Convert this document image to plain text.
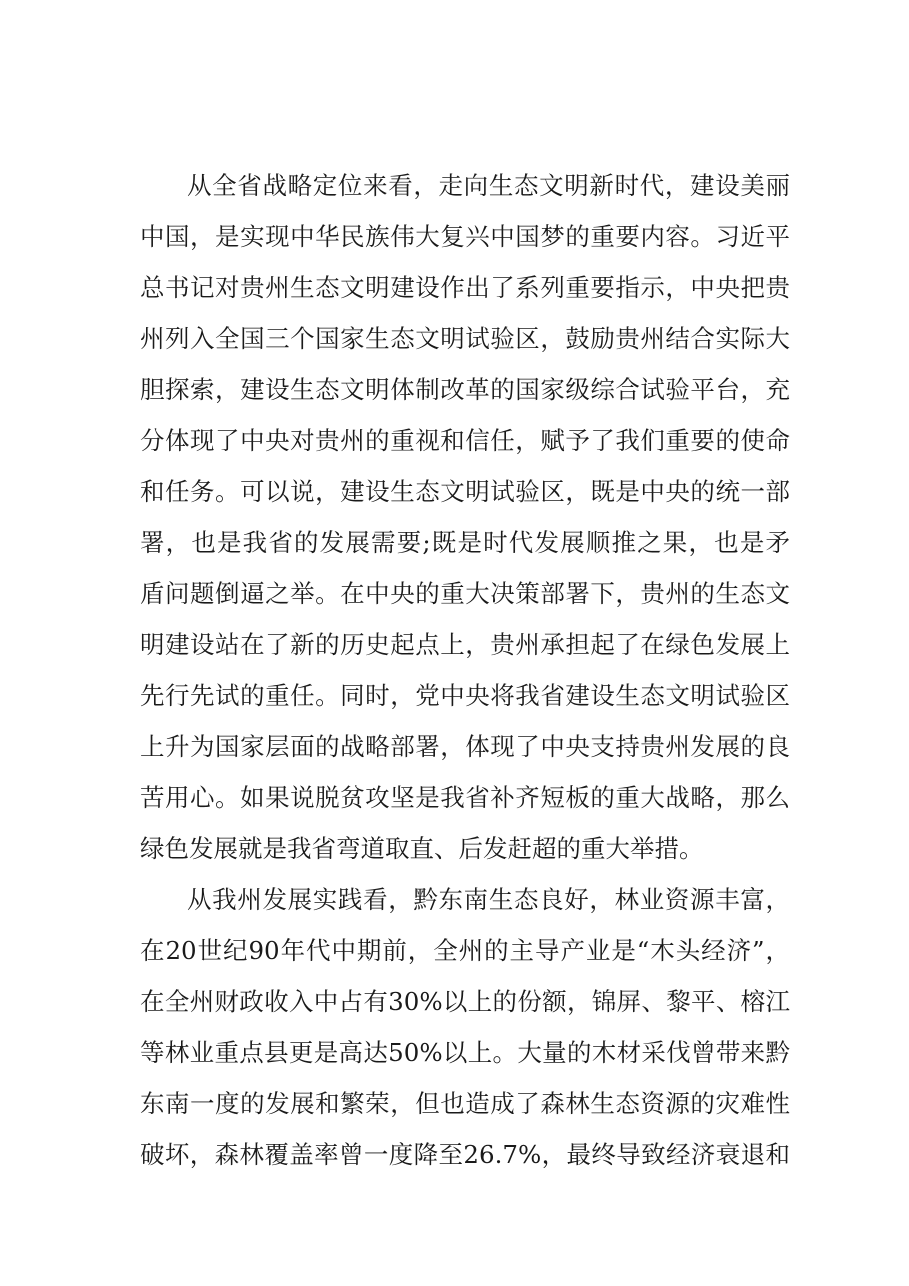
从全省战略定位来看，走向生态文明新时代，建设美丽
中国，是实现中华民族伟大复兴中国梦的重要内容。习近平
总书记对贵州生态文明建设作出了系列重要指示，中央把贵
州列入全国三个国家生态文明试验区，鼓励贵州结合实际大
胆探索，建设生态文明体制改革的国家级综合试验平台，充
分体现了中央对贵州的重视和信任，赋予了我们重要的使命
和任务。可以说，建设生态文明试验区，既是中央的统一部
署，也是我省的发展需要;既是时代发展顺推之果，也是矛
盾问题倒逼之举。在中央的重大决策部署下，贵州的生态文
明建设站在了新的历史起点上，贵州承担起了在绿色发展上
先行先试的重任。同时，党中央将我省建设生态文明试验区
上升为国家层面的战略部署，体现了中央支持贵州发展的良
苦用心。如果说脱贫攻坚是我省补齐短板的重大战略，那么
绿色发展就是我省弯道取直、后发赶超的重大举措。
从我州发展实践看，黔东南生态良好，林业资源丰富，
在20世纪90年代中期前，全州的主导产业是“木头经济”，
在全州财政收入中占有30%以上的份额，锦屏、黎平、榕江
等林业重点县更是高达50%以上。大量的木材采伐曾带来黔
东南一度的发展和繁荣，但也造成了森林生态资源的灾难性
破坏，森林覆盖率曾一度降至26.7%，最终导致经济衰退和
